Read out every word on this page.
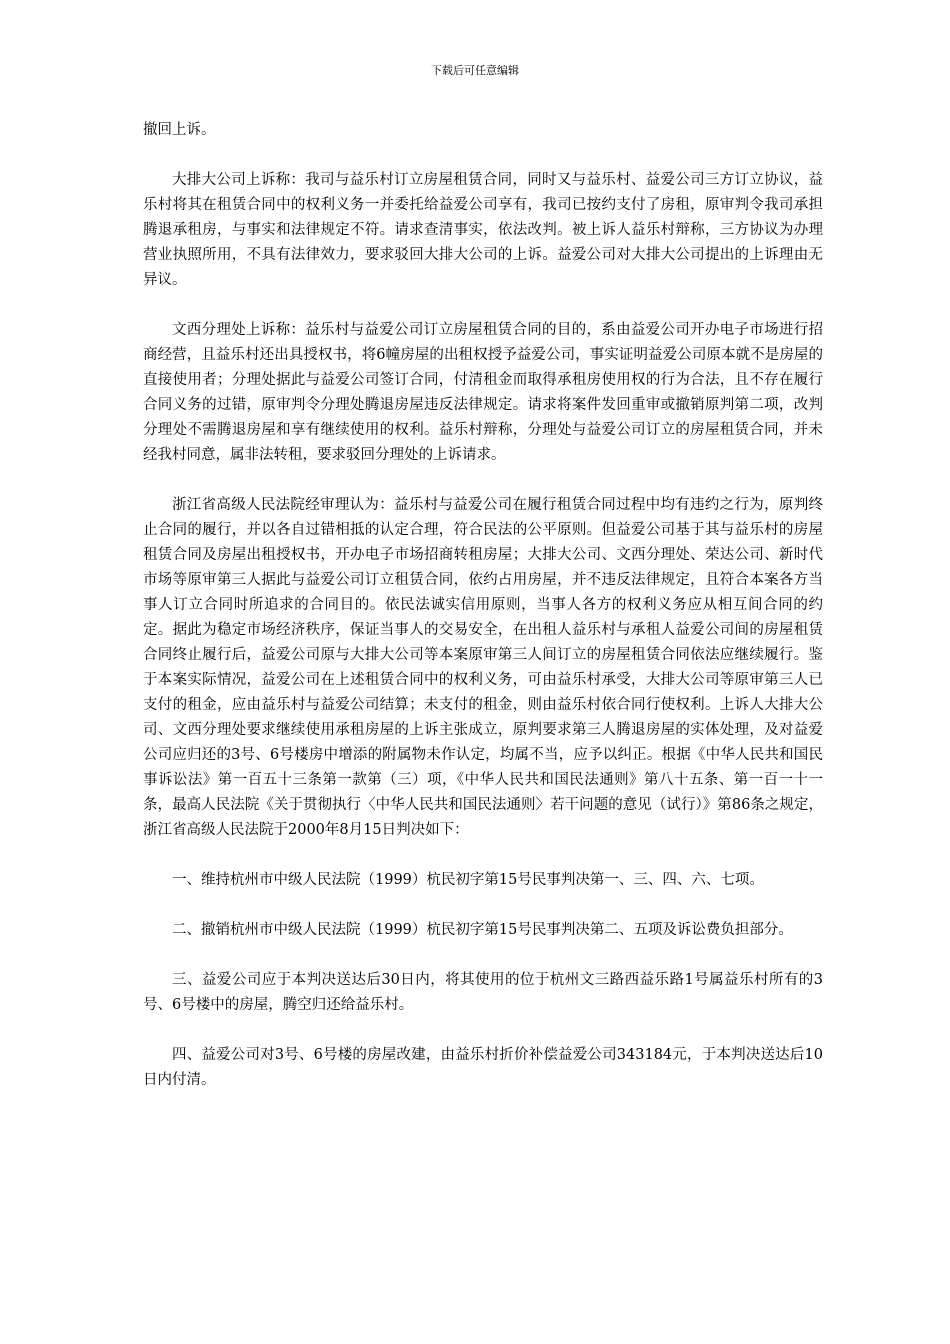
下载后可任意编辑

撤回上诉。

大排大公司上诉称：我司与益乐村订立房屋租赁合同，同时又与益乐村、益爱公司三方订立协议，益乐村将其在租赁合同中的权利义务一并委托给益爱公司享有，我司已按约支付了房租，原审判令我司承担腾退承租房，与事实和法律规定不符。请求查清事实，依法改判。被上诉人益乐村辩称，三方协议为办理营业执照所用，不具有法律效力，要求驳回大排大公司的上诉。益爱公司对大排大公司提出的上诉理由无异议。

文西分理处上诉称：益乐村与益爱公司订立房屋租赁合同的目的，系由益爱公司开办电子市场进行招商经营，且益乐村还出具授权书，将6幢房屋的出租权授予益爱公司，事实证明益爱公司原本就不是房屋的直接使用者；分理处据此与益爱公司签订合同，付清租金而取得承租房使用权的行为合法，且不存在履行合同义务的过错，原审判令分理处腾退房屋违反法律规定。请求将案件发回重审或撤销原判第二项，改判分理处不需腾退房屋和享有继续使用的权利。益乐村辩称，分理处与益爱公司订立的房屋租赁合同，并未经我村同意，属非法转租，要求驳回分理处的上诉请求。

浙江省高级人民法院经审理认为：益乐村与益爱公司在履行租赁合同过程中均有违约之行为，原判终止合同的履行，并以各自过错相抵的认定合理，符合民法的公平原则。但益爱公司基于其与益乐村的房屋租赁合同及房屋出租授权书，开办电子市场招商转租房屋；大排大公司、文西分理处、荣达公司、新时代市场等原审第三人据此与益爱公司订立租赁合同，依约占用房屋，并不违反法律规定，且符合本案各方当事人订立合同时所追求的合同目的。依民法诚实信用原则，当事人各方的权利义务应从相互间合同的约定。据此为稳定市场经济秩序，保证当事人的交易安全，在出租人益乐村与承租人益爱公司间的房屋租赁合同终止履行后，益爱公司原与大排大公司等本案原审第三人间订立的房屋租赁合同依法应继续履行。鉴于本案实际情况，益爱公司在上述租赁合同中的权利义务，可由益乐村承受，大排大公司等原审第三人已支付的租金，应由益乐村与益爱公司结算；未支付的租金，则由益乐村依合同行使权利。上诉人大排大公司、文西分理处要求继续使用承租房屋的上诉主张成立，原判要求第三人腾退房屋的实体处理，及对益爱公司应归还的3号、6号楼房中增添的附属物未作认定，均属不当，应予以纠正。根据《中华人民共和国民事诉讼法》第一百五十三条第一款第（三）项，《中华人民共和国民法通则》第八十五条、第一百一十一条，最高人民法院《关于贯彻执行〈中华人民共和国民法通则〉若干问题的意见（试行）》第86条之规定，浙江省高级人民法院于2000年8月15日判决如下：

一、维持杭州市中级人民法院（1999）杭民初字第15号民事判决第一、三、四、六、七项。

二、撤销杭州市中级人民法院（1999）杭民初字第15号民事判决第二、五项及诉讼费负担部分。

三、益爱公司应于本判决送达后30日内，将其使用的位于杭州文三路西益乐路1号属益乐村所有的3号、6号楼中的房屋，腾空归还给益乐村。

四、益爱公司对3号、6号楼的房屋改建，由益乐村折价补偿益爱公司343184元，于本判决送达后10日内付清。
